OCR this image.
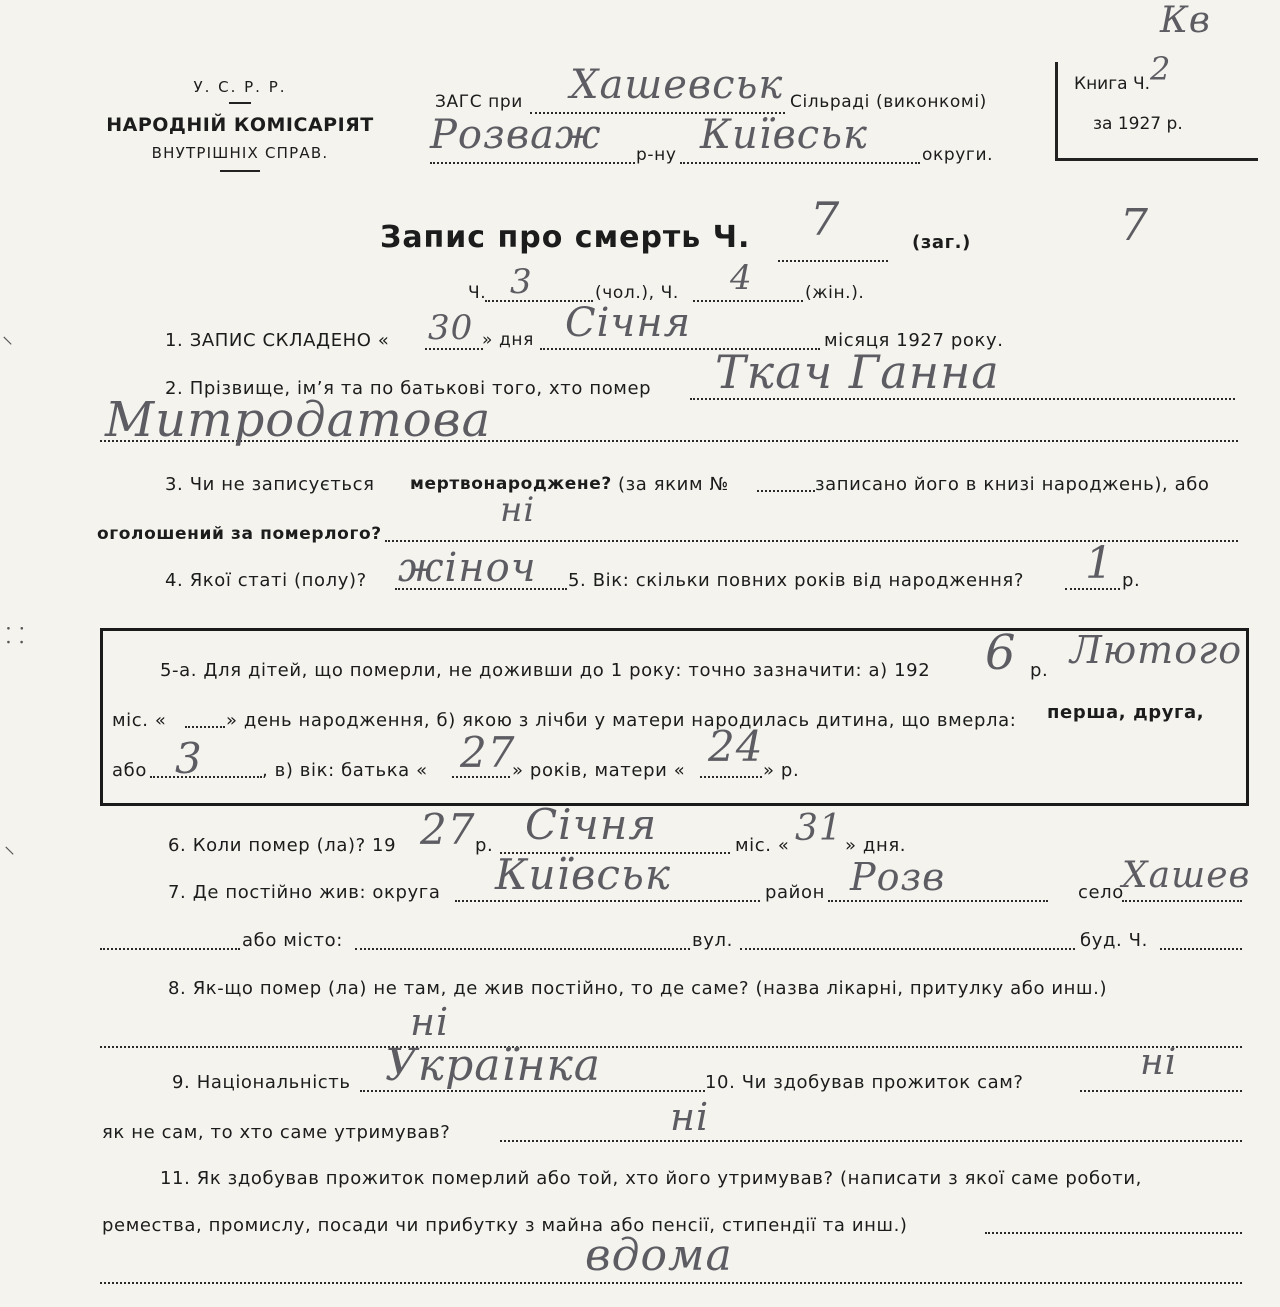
У. С. Р. Р.
НАРОДНІЙ КОМІСАРІЯТ
ВНУТРІШНІХ СПРАВ.
ЗАГС при Хашевськ Сільраді (виконкомі)
Розваж р-ну Київськ	округи.
Книга Ч.
за 1927 р.
2
Кв
Запис про смерть Ч. 7	(заг.)	7
Ч. 3	(чол.), Ч. 4	(жін.).
1. ЗАПИС СКЛАДЕНО « 30 » дня Січня	місяця 1927 року.
2. Прізвище, ім’я та по батькові того, хто помер Ткач Ганна
Митродатова
3. Чи не записується мертвонароджене? (за яким №	записано його в книзі народжень), або
оголошений за померлого?
ні
4. Якої статі (полу)? жіноч 5. Вік: скільки повних років від народження? 1 р.
5-а. Для дітей, що померли, не доживши до 1 року: точно зазначити: а) 192 6 р. Лютого
міс. «	» день народження, б) якою з лічби у матери народилась дитина, що вмерла: перша, друга,
або 3	, в) вік: батька « 27
» років, матери « 24 » р.
6. Коли помер (ла)? 19 27 р. Січня	міс. « 31 » дня.
7. Де постійно жив: округа Київськ	район Розв	село
Хашев
або місто:	вул.	буд. Ч.
8. Як-що помер (ла) не там, де жив постійно, то де саме? (назва лікарні, притулку або инш.)
ні
9. Національність Українка	10. Чи здобував прожиток сам?	ні
як не сам, то хто саме утримував?	ні
11. Як здобував прожиток померлий або той, хто його утримував? (написати з якої саме роботи,
ремества, промислу, посади чи прибутку з майна або пенсії, стипендії та инш.)
вдома
⸜
⸬
⸜
